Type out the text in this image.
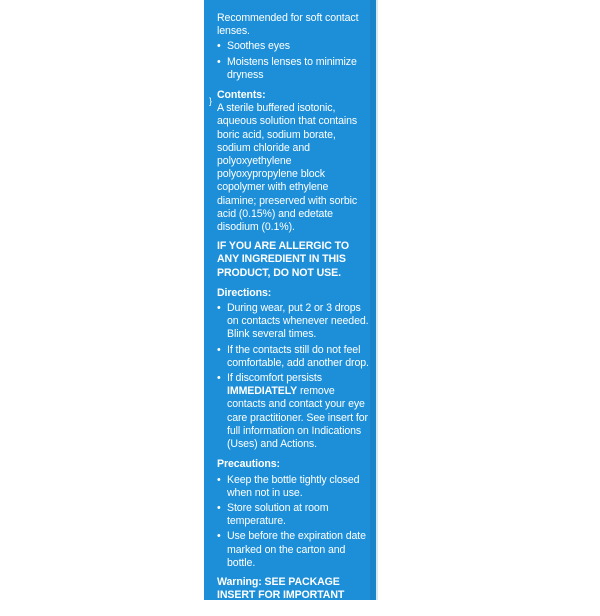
}

Recommended for soft contact lenses.

• Soothes eyes
• Moistens lenses to minimize dryness
Contents:

A sterile buffered isotonic, aqueous solution that contains boric acid, sodium borate, sodium chloride and polyoxyethylene polyoxypropylene block copolymer with ethylene diamine; preserved with sorbic acid (0.15%) and edetate disodium (0.1%).

IF YOU ARE ALLERGIC TO ANY INGREDIENT IN THIS PRODUCT, DO NOT USE.
Directions:
• During wear, put 2 or 3 drops on contacts whenever needed. Blink several times.
• If the contacts still do not feel comfortable, add another drop.
• If discomfort persists
IMMEDIATELY remove contacts and contact your eye care practitioner. See insert for full information on Indications (Uses) and Actions.
Precautions:
• Keep the bottle tightly closed when not in use.
• Store solution at room temperature.
• Use before the expiration date marked on the carton and bottle.
Warning: SEE PACKAGE INSERT FOR IMPORTANT SAFETY INFORMATION.
